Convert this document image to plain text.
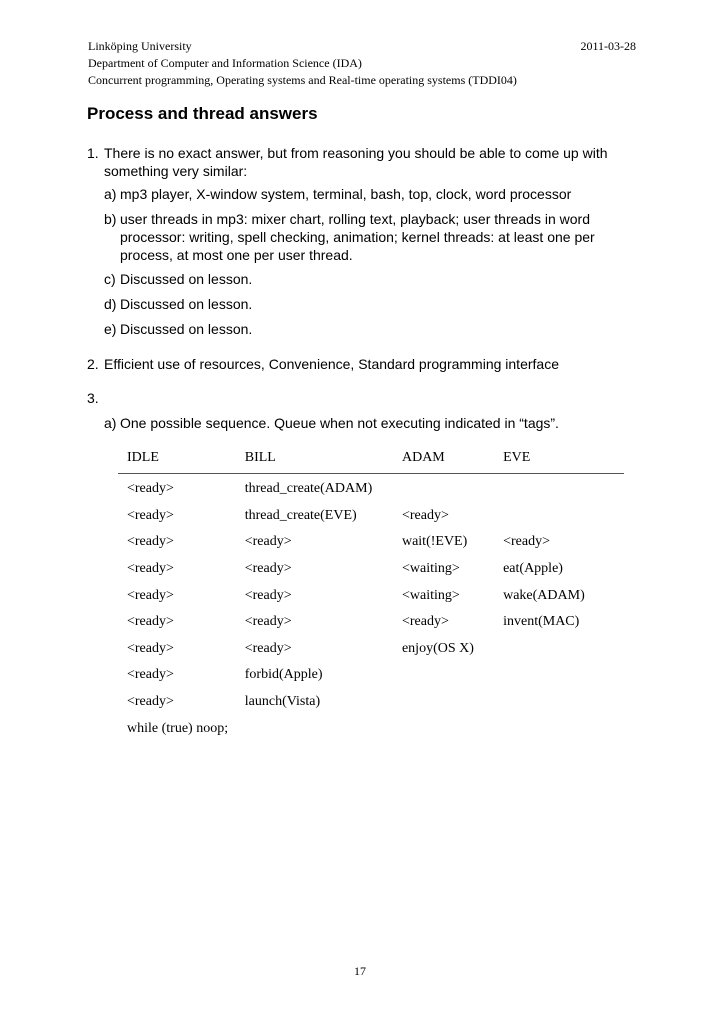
Linköping University	2011-03-28
Department of Computer and Information Science (IDA)
Concurrent programming, Operating systems and Real-time operating systems (TDDI04)
Process and thread answers
1. There is no exact answer, but from reasoning you should be able to come up with something very similar:
a) mp3 player, X-window system, terminal, bash, top, clock, word processor
b) user threads in mp3: mixer chart, rolling text, playback; user threads in word processor: writing, spell checking, animation; kernel threads: at least one per process, at most one per user thread.
c) Discussed on lesson.
d) Discussed on lesson.
e) Discussed on lesson.
2. Efficient use of resources, Convenience, Standard programming interface
3.
a) One possible sequence. Queue when not executing indicated in “tags”.
IDLE	BILL	ADAM	EVE
<ready>	thread_create(ADAM)		
<ready>	thread_create(EVE)	<ready>	
<ready>	<ready>	wait(!EVE)	<ready>
<ready>	<ready>	<waiting>	eat(Apple)
<ready>	<ready>	<waiting>	wake(ADAM)
<ready>	<ready>	<ready>	invent(MAC)
<ready>	<ready>	enjoy(OS X)	
<ready>	forbid(Apple)		
<ready>	launch(Vista)		
while (true) noop;			
17
